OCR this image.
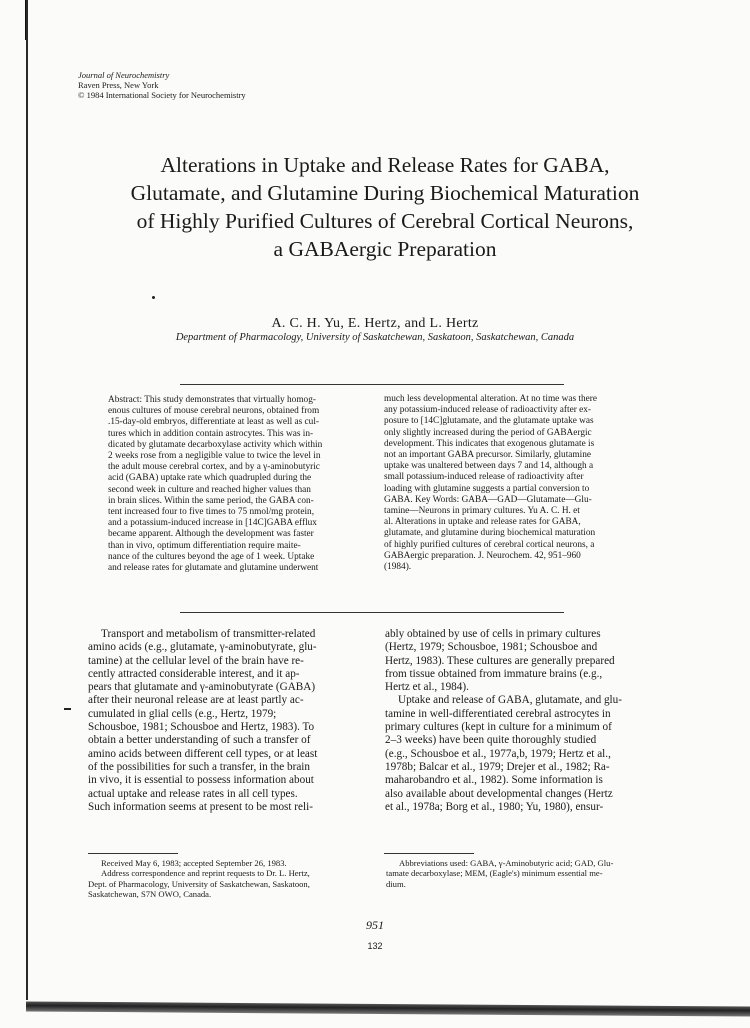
Journal of Neurochemistry
Raven Press, New York
© 1984 International Society for Neurochemistry
Alterations in Uptake and Release Rates for GABA,
Glutamate, and Glutamine During Biochemical Maturation
of Highly Purified Cultures of Cerebral Cortical Neurons,
a GABAergic Preparation
A. C. H. Yu, E. Hertz, and L. Hertz
Department of Pharmacology, University of Saskatchewan, Saskatoon, Saskatchewan, Canada
Abstract: This study demonstrates that virtually homog-
enous cultures of mouse cerebral neurons, obtained from
.15-day-old embryos, differentiate at least as well as cul-
tures which in addition contain astrocytes. This was in-
dicated by glutamate decarboxylase activity which within
2 weeks rose from a negligible value to twice the level in
the adult mouse cerebral cortex, and by a γ-aminobutyric
acid (GABA) uptake rate which quadrupled during the
second week in culture and reached higher values than
in brain slices. Within the same period, the GABA con-
tent increased four to five times to 75 nmol/mg protein,
and a potassium-induced increase in [14C]GABA efflux
became apparent. Although the development was faster
than in vivo, optimum differentiation require maite-
nance of the cultures beyond the age of 1 week. Uptake
and release rates for glutamate and glutamine underwent
much less developmental alteration. At no time was there
any potassium-induced release of radioactivity after ex-
posure to [14C]glutamate, and the glutamate uptake was
only slightly increased during the period of GABAergic
development. This indicates that exogenous glutamate is
not an important GABA precursor. Similarly, glutamine
uptake was unaltered between days 7 and 14, although a
small potassium-induced release of radioactivity after
loading with glutamine suggests a partial conversion to
GABA. Key Words: GABA—GAD—Glutamate—Glu-
tamine—Neurons in primary cultures. Yu A. C. H. et
al. Alterations in uptake and release rates for GABA,
glutamate, and glutamine during biochemical maturation
of highly purified cultures of cerebral cortical neurons, a
GABAergic preparation. J. Neurochem. 42, 951–960
(1984).
Transport and metabolism of transmitter-related
amino acids (e.g., glutamate, γ-aminobutyrate, glu-
tamine) at the cellular level of the brain have re-
cently attracted considerable interest, and it ap-
pears that glutamate and γ-aminobutyrate (GABA)
after their neuronal release are at least partly ac-
cumulated in glial cells (e.g., Hertz, 1979;
Schousboe, 1981; Schousboe and Hertz, 1983). To
obtain a better understanding of such a transfer of
amino acids between different cell types, or at least
of the possibilities for such a transfer, in the brain
in vivo, it is essential to possess information about
actual uptake and release rates in all cell types.
Such information seems at present to be most reli-
ably obtained by use of cells in primary cultures
(Hertz, 1979; Schousboe, 1981; Schousboe and
Hertz, 1983). These cultures are generally prepared
from tissue obtained from immature brains (e.g.,
Hertz et al., 1984).
Uptake and release of GABA, glutamate, and glu-
tamine in well-differentiated cerebral astrocytes in
primary cultures (kept in culture for a minimum of
2–3 weeks) have been quite thoroughly studied
(e.g., Schousboe et al., 1977a,b, 1979; Hertz et al.,
1978b; Balcar et al., 1979; Drejer et al., 1982; Ra-
maharobandro et al., 1982). Some information is
also available about developmental changes (Hertz
et al., 1978a; Borg et al., 1980; Yu, 1980), ensur-
Received May 6, 1983; accepted September 26, 1983.
Address correspondence and reprint requests to Dr. L. Hertz,
Dept. of Pharmacology, University of Saskatchewan, Saskatoon,
Saskatchewan, S7N OWO, Canada.
Abbreviations used: GABA, γ-Aminobutyric acid; GAD, Glu-
tamate decarboxylase; MEM, (Eagle's) minimum essential me-
dium.
951
132
